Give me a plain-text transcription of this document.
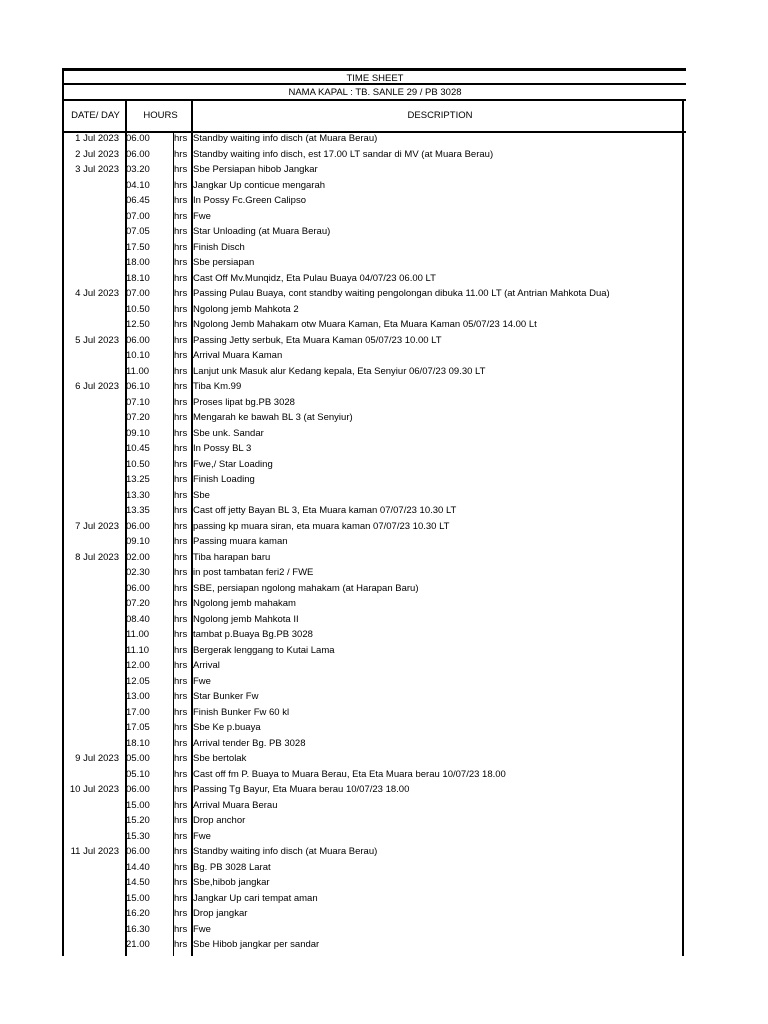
TIME SHEET
NAMA KAPAL : TB. SANLE 29 / PB 3028
DATE/ DAY	HOURS	DESCRIPTION
1 Jul 2023 06.00	hrs Standby waiting info disch (at Muara Berau)
2 Jul 2023 06.00	hrs Standby waiting info disch, est 17.00 LT sandar di MV (at Muara Berau)
3 Jul 2023 03.20	hrs Sbe Persiapan hibob Jangkar
04.10	hrs Jangkar Up conticue mengarah
06.45	hrs In Possy Fc.Green Calipso
07.00	hrs Fwe
07.05	hrs Star Unloading (at Muara Berau)
17.50	hrs Finish Disch
18.00	hrs Sbe persiapan
18.10	hrs Cast Off Mv.Munqidz, Eta Pulau Buaya 04/07/23 06.00 LT
4 Jul 2023 07.00	hrs Passing Pulau Buaya, cont standby waiting pengolongan dibuka 11.00 LT (at Antrian Mahkota Dua)
10.50	hrs Ngolong jemb Mahkota 2
12.50	hrs Ngolong Jemb Mahakam otw Muara Kaman, Eta Muara Kaman 05/07/23 14.00 Lt
5 Jul 2023 06.00	hrs Passing Jetty serbuk, Eta Muara Kaman 05/07/23 10.00 LT
10.10	hrs Arrival Muara Kaman
11.00	hrs Lanjut unk Masuk alur Kedang kepala, Eta Senyiur 06/07/23 09.30 LT
6 Jul 2023 06.10	hrs Tiba Km.99
07.10	hrs Proses lipat bg.PB 3028
07.20	hrs Mengarah ke bawah BL 3 (at Senyiur)
09.10	hrs Sbe unk. Sandar
10.45	hrs In Possy BL 3
10.50	hrs Fwe,/ Star Loading
13.25	hrs Finish Loading
13.30	hrs Sbe
13.35	hrs Cast off jetty Bayan BL 3, Eta Muara kaman 07/07/23 10.30 LT
7 Jul 2023 06.00	hrs passing kp muara siran, eta muara kaman 07/07/23 10.30 LT
09.10	hrs Passing muara kaman
8 Jul 2023 02.00	hrs Tiba harapan baru
02.30	hrs in post tambatan feri2 / FWE
06.00	hrs SBE, persiapan ngolong mahakam (at Harapan Baru)
07.20	hrs Ngolong jemb mahakam
08.40	hrs Ngolong jemb Mahkota II
11.00	hrs tambat p.Buaya Bg.PB 3028
11.10	hrs Bergerak lenggang to Kutai Lama
12.00	hrs Arrival
12.05	hrs Fwe
13.00	hrs Star Bunker Fw
17.00	hrs Finish Bunker Fw 60 kl
17.05	hrs Sbe Ke p.buaya
18.10	hrs Arrival tender Bg. PB 3028
9 Jul 2023 05.00	hrs Sbe bertolak
05.10	hrs Cast off fm P. Buaya to Muara Berau, Eta Eta Muara berau 10/07/23 18.00
10 Jul 2023 06.00	hrs Passing Tg Bayur, Eta Muara berau 10/07/23 18.00
15.00	hrs Arrival Muara Berau
15.20	hrs Drop anchor
15.30	hrs Fwe
11 Jul 2023 06.00	hrs Standby waiting info disch (at Muara Berau)
14.40	hrs Bg. PB 3028 Larat
14.50	hrs Sbe,hibob jangkar
15.00	hrs Jangkar Up cari tempat aman
16.20	hrs Drop jangkar
16.30	hrs Fwe
21.00	hrs Sbe Hibob jangkar per sandar
